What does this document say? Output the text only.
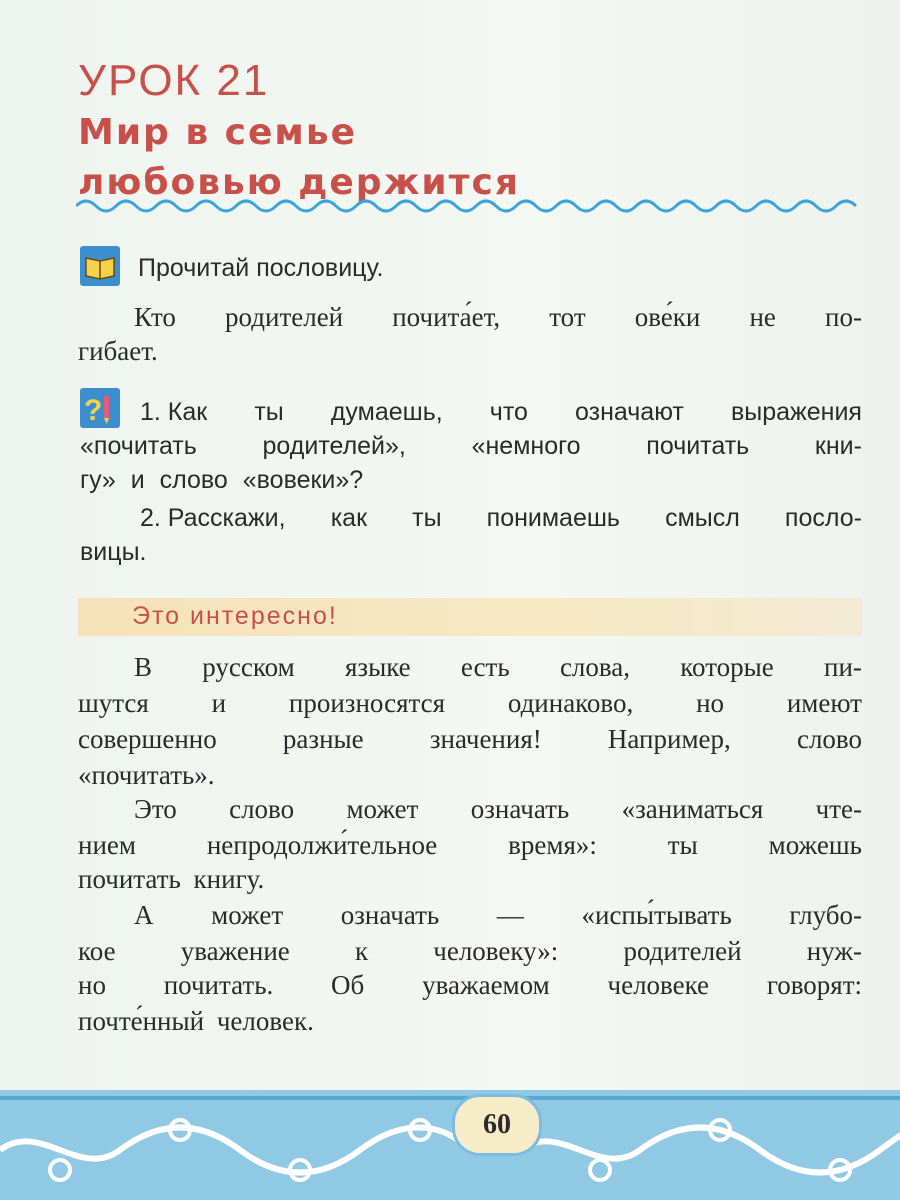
УРОК 21
Мир в семье
любовью держится
Прочитай пословицу.
Кто родителей почита́ет, тот ове́ки не по-
гибает.
? 1. Как ты думаешь, что означают выражения
«почитать	родителей»,	«немного	почитать	кни-
гу» и слово «вовеки»?
2. Расскажи, как ты понимаешь смысл посло-
вицы.
Это интересно!
В русском языке есть слова, которые пи-
шутся и произносятся одинаково, но имеют
совершенно разные значения! Например, слово
«почитать».
Это слово может означать «заниматься чте-
нием	непродолжи́тельное	время»:	ты	можешь
почитать книгу.
А может означать — «испы́тывать глубо-
кое уважение к человеку»: родителей нуж-
но почитать. Об уважаемом человеке говорят:
почте́нный человек.
60
